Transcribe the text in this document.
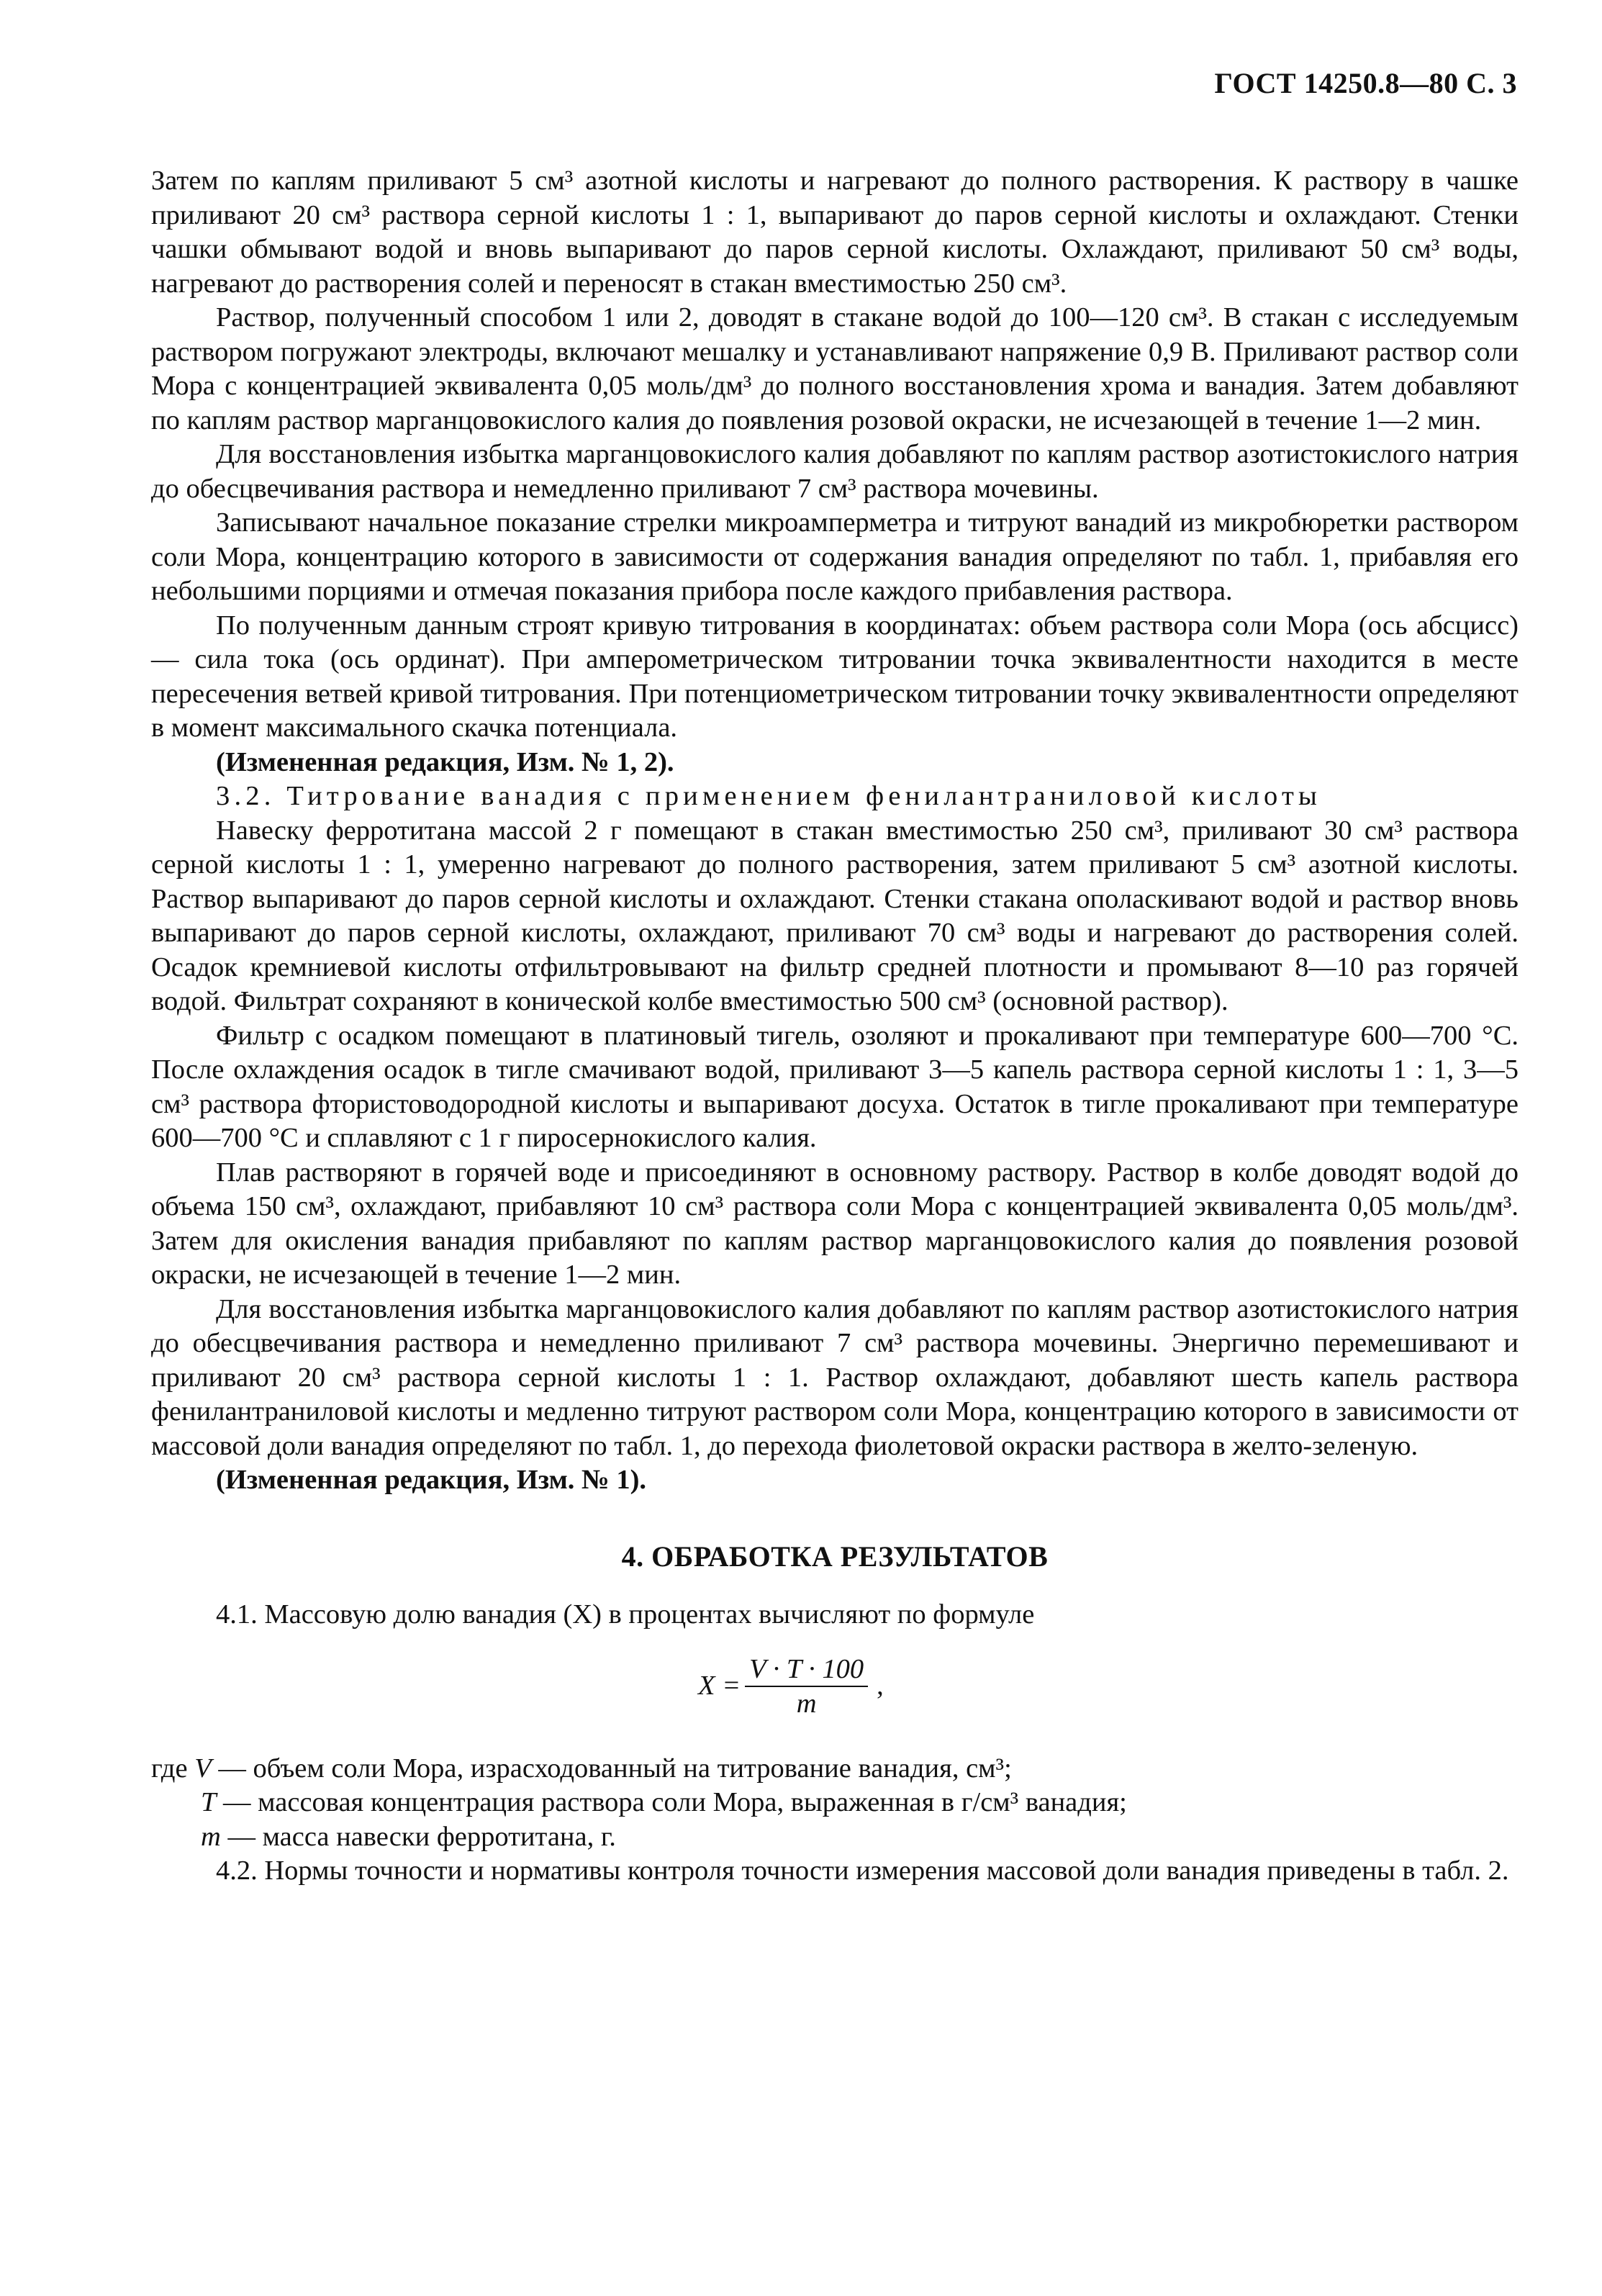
ГОСТ 14250.8—80 С. 3

Затем по каплям приливают 5 см³ азотной кислоты и нагревают до полного растворения. К раствору в чашке приливают 20 см³ раствора серной кислоты 1 : 1, выпаривают до паров серной кислоты и охлаждают. Стенки чашки обмывают водой и вновь выпаривают до паров серной кислоты. Охлаждают, приливают 50 см³ воды, нагревают до растворения солей и переносят в стакан вместимостью 250 см³.

Раствор, полученный способом 1 или 2, доводят в стакане водой до 100—120 см³. В стакан с исследуемым раствором погружают электроды, включают мешалку и устанавливают напряжение 0,9 В. Приливают раствор соли Мора с концентрацией эквивалента 0,05 моль/дм³ до полного восстановления хрома и ванадия. Затем добавляют по каплям раствор марганцовокислого калия до появления розовой окраски, не исчезающей в течение 1—2 мин.

Для восстановления избытка марганцовокислого калия добавляют по каплям раствор азотистокислого натрия до обесцвечивания раствора и немедленно приливают 7 см³ раствора мочевины.

Записывают начальное показание стрелки микроамперметра и титруют ванадий из микробюретки раствором соли Мора, концентрацию которого в зависимости от содержания ванадия определяют по табл. 1, прибавляя его небольшими порциями и отмечая показания прибора после каждого прибавления раствора.

По полученным данным строят кривую титрования в координатах: объем раствора соли Мора (ось абсцисс) — сила тока (ось ординат). При амперометрическом титровании точка эквивалентности находится в месте пересечения ветвей кривой титрования. При потенциометрическом титровании точку эквивалентности определяют в момент максимального скачка потенциала.

(Измененная редакция, Изм. № 1, 2).

3.2. Титрование ванадия с применением фенилантраниловой кислоты

Навеску ферротитана массой 2 г помещают в стакан вместимостью 250 см³, приливают 30 см³ раствора серной кислоты 1 : 1, умеренно нагревают до полного растворения, затем приливают 5 см³ азотной кислоты. Раствор выпаривают до паров серной кислоты и охлаждают. Стенки стакана ополаскивают водой и раствор вновь выпаривают до паров серной кислоты, охлаждают, приливают 70 см³ воды и нагревают до растворения солей. Осадок кремниевой кислоты отфильтровывают на фильтр средней плотности и промывают 8—10 раз горячей водой. Фильтрат сохраняют в конической колбе вместимостью 500 см³ (основной раствор).

Фильтр с осадком помещают в платиновый тигель, озоляют и прокаливают при температуре 600—700 °С. После охлаждения осадок в тигле смачивают водой, приливают 3—5 капель раствора серной кислоты 1 : 1, 3—5 см³ раствора фтористоводородной кислоты и выпаривают досуха. Остаток в тигле прокаливают при температуре 600—700 °С и сплавляют с 1 г пиросернокислого калия.

Плав растворяют в горячей воде и присоединяют в основному раствору. Раствор в колбе доводят водой до объема 150 см³, охлаждают, прибавляют 10 см³ раствора соли Мора с концентрацией эквивалента 0,05 моль/дм³. Затем для окисления ванадия прибавляют по каплям раствор марганцовокислого калия до появления розовой окраски, не исчезающей в течение 1—2 мин.

Для восстановления избытка марганцовокислого калия добавляют по каплям раствор азотистокислого натрия до обесцвечивания раствора и немедленно приливают 7 см³ раствора мочевины. Энергично перемешивают и приливают 20 см³ раствора серной кислоты 1 : 1. Раствор охлаждают, добавляют шесть капель раствора фенилантраниловой кислоты и медленно титруют раствором соли Мора, концентрацию которого в зависимости от массовой доли ванадия определяют по табл. 1, до перехода фиолетовой окраски раствора в желто-зеленую.

(Измененная редакция, Изм. № 1).

4. ОБРАБОТКА РЕЗУЛЬТАТОВ

4.1. Массовую долю ванадия (X) в процентах вычисляют по формуле

$X = \frac{V \cdot T \cdot 100}{m}$ ,
где V — объем соли Мора, израсходованный на титрование ванадия, см³;
T — массовая концентрация раствора соли Мора, выраженная в г/см³ ванадия;
m — масса навески ферротитана, г.

4.2. Нормы точности и нормативы контроля точности измерения массовой доли ванадия приведены в табл. 2.
